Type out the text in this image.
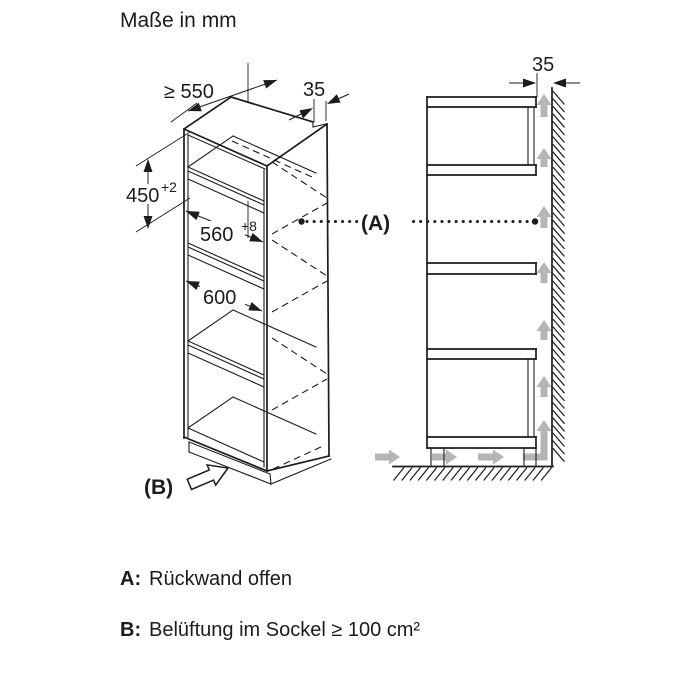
Maße in mm
≥ 550	35
450 +2
560 +8
600
(B)
35
(A)
A: Rückwand offen
B: Belüftung im Sockel ≥ 100 cm²
